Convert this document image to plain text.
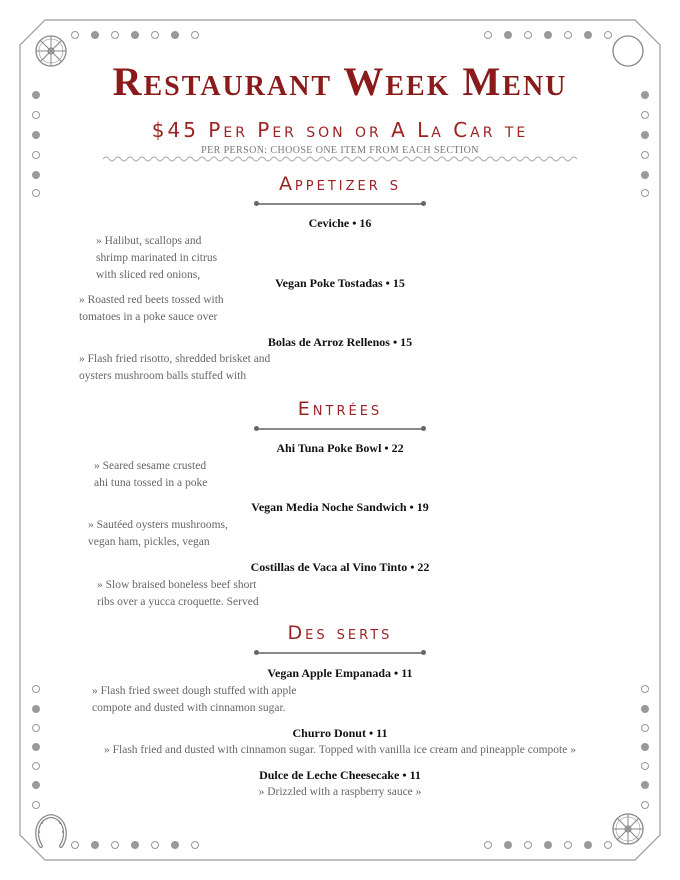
Restaurant Week Menu
$45 Per Per son or A La Car te
PER PERSON: CHOOSE ONE ITEM FROM EACH SECTION
Appetizer s
Ceviche • 16
» Halibut, scallops and
shrimp marinated in citrus
with sliced red onions,
Vegan Poke Tostadas • 15
» Roasted red beets tossed with
tomatoes in a poke sauce over
Bolas de Arroz Rellenos • 15
» Flash fried risotto, shredded brisket and
oysters mushroom balls stuffed with
Entrées
Ahi Tuna Poke Bowl • 22
» Seared sesame crusted
ahi tuna tossed in a poke
Vegan Media Noche Sandwich • 19
» Sautéed oysters mushrooms,
vegan ham, pickles, vegan
Costillas de Vaca al Vino Tinto • 22
» Slow braised boneless beef short
ribs over a yucca croquette. Served
Des serts
Vegan Apple Empanada • 11
» Flash fried sweet dough stuffed with apple
compote and dusted with cinnamon sugar.
Churro Donut • 11
» Flash fried and dusted with cinnamon sugar. Topped with vanilla ice cream and pineapple compote »
Dulce de Leche Cheesecake • 11
» Drizzled with a raspberry sauce »
